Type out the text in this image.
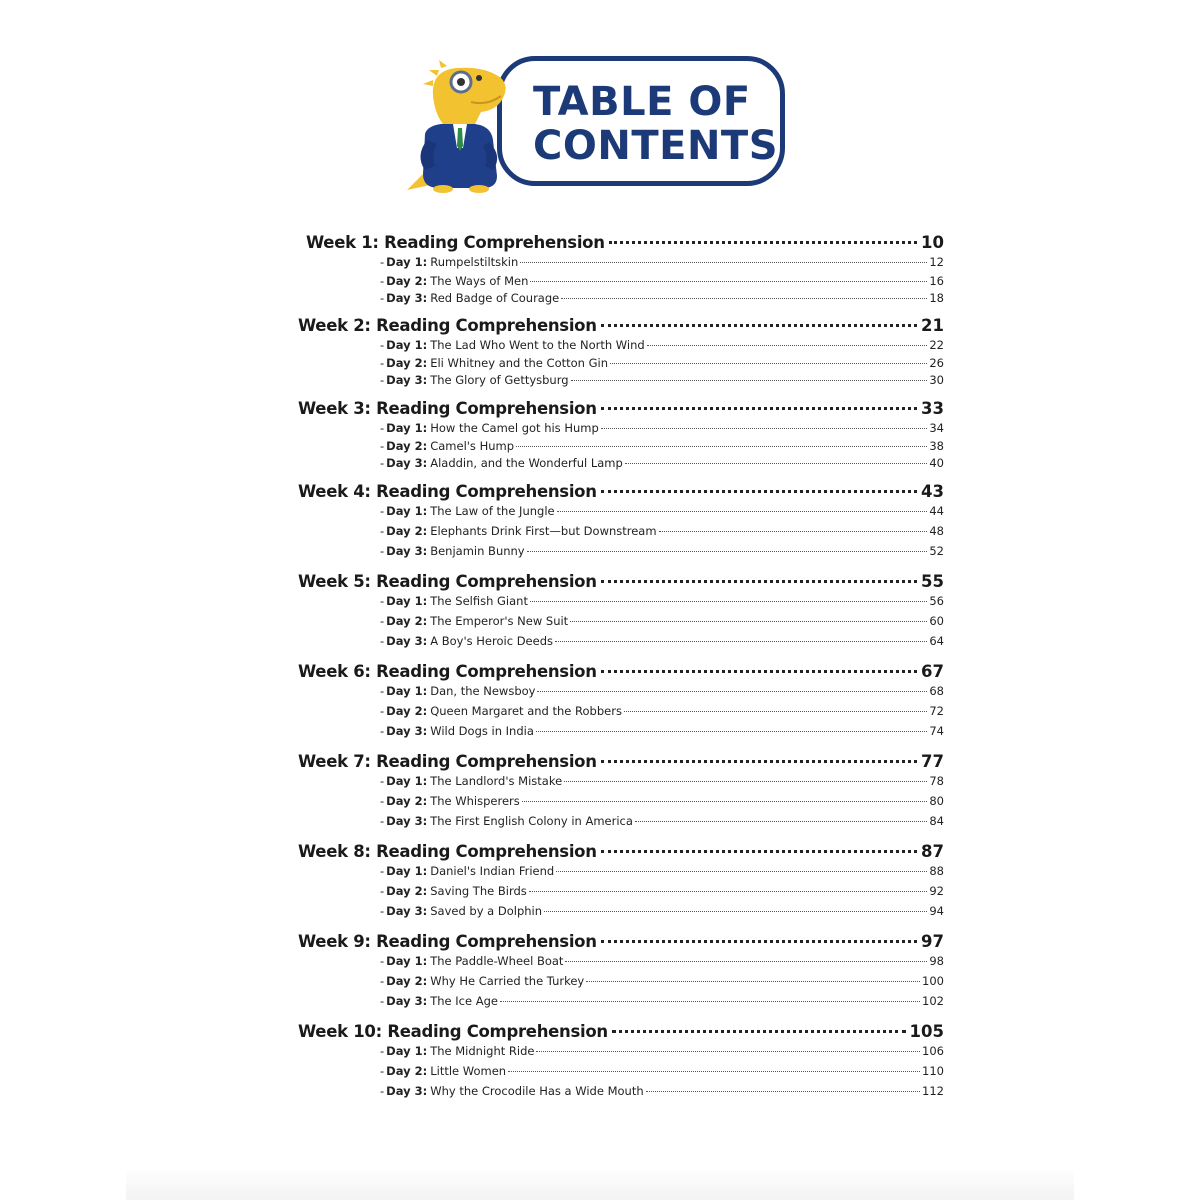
TABLE OF
CONTENTS
Week 1: Reading Comprehension	10
- Day 1: Rumpelstiltskin	12
- Day 2: The Ways of Men	16
- Day 3: Red Badge of Courage	18
Week 2: Reading Comprehension	21
- Day 1: The Lad Who Went to the North Wind	22
- Day 2: Eli Whitney and the Cotton Gin	26
- Day 3: The Glory of Gettysburg	30
Week 3: Reading Comprehension	33
- Day 1: How the Camel got his Hump	34
- Day 2: Camel's Hump	38
- Day 3: Aladdin, and the Wonderful Lamp	40
Week 4: Reading Comprehension	43
- Day 1: The Law of the Jungle	44
- Day 2: Elephants Drink First—but Downstream	48
- Day 3: Benjamin Bunny	52
Week 5: Reading Comprehension	55
- Day 1: The Selfish Giant	56
- Day 2: The Emperor's New Suit	60
- Day 3: A Boy's Heroic Deeds	64
Week 6: Reading Comprehension	67
- Day 1: Dan, the Newsboy	68
- Day 2: Queen Margaret and the Robbers	72
- Day 3: Wild Dogs in India	74
Week 7: Reading Comprehension	77
- Day 1: The Landlord's Mistake	78
- Day 2: The Whisperers	80
- Day 3: The First English Colony in America	84
Week 8: Reading Comprehension	87
- Day 1: Daniel's Indian Friend	88
- Day 2: Saving The Birds	92
- Day 3: Saved by a Dolphin	94
Week 9: Reading Comprehension	97
- Day 1: The Paddle-Wheel Boat	98
- Day 2: Why He Carried the Turkey	100
- Day 3: The Ice Age	102
Week 10: Reading Comprehension	105
- Day 1: The Midnight Ride	106
- Day 2: Little Women	110
- Day 3: Why the Crocodile Has a Wide Mouth	112
